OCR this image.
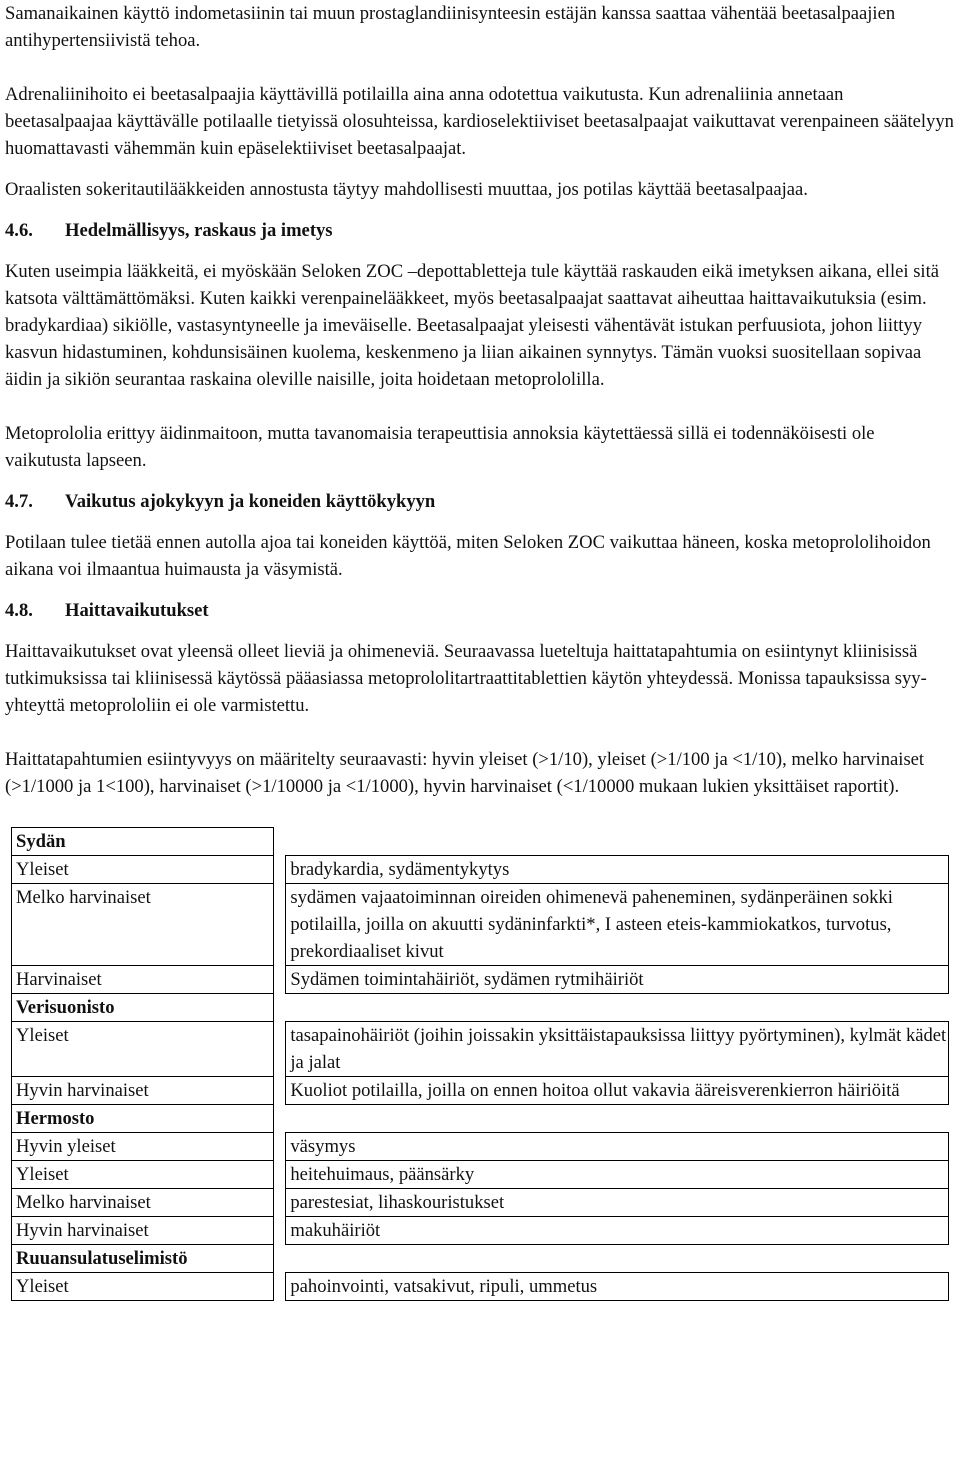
Samanaikainen käyttö indometasiinin tai muun prostaglandiinisynteesin estäjän kanssa saattaa vähentää beetasalpaajien antihypertensiivistä tehoa.

Adrenaliinihoito ei beetasalpaajia käyttävillä potilailla aina anna odotettua vaikutusta. Kun adrenaliinia annetaan beetasalpaajaa käyttävälle potilaalle tietyissä olosuhteissa, kardioselektiiviset beetasalpaajat vaikuttavat verenpaineen säätelyyn huomattavasti vähemmän kuin epäselektiiviset beetasalpaajat.

Oraalisten sokeritautilääkkeiden annostusta täytyy mahdollisesti muuttaa, jos potilas käyttää beetasalpaajaa.

4.6.	Hedelmällisyys, raskaus ja imetys

Kuten useimpia lääkkeitä, ei myöskään Seloken ZOC –depottabletteja tule käyttää raskauden eikä imetyksen aikana, ellei sitä katsota välttämättömäksi. Kuten kaikki verenpainelääkkeet, myös beetasalpaajat saattavat aiheuttaa haittavaikutuksia (esim. bradykardiaa) sikiölle, vastasyntyneelle ja imeväiselle. Beetasalpaajat yleisesti vähentävät istukan perfuusiota, johon liittyy kasvun hidastuminen, kohdunsisäinen kuolema, keskenmeno ja liian aikainen synnytys. Tämän vuoksi suositellaan sopivaa äidin ja sikiön seurantaa raskaina oleville naisille, joita hoidetaan metoprololilla.

Metoprololia erittyy äidinmaitoon, mutta tavanomaisia terapeuttisia annoksia käytettäessä sillä ei todennäköisesti ole vaikutusta lapseen.

4.7.	Vaikutus ajokykyyn ja koneiden käyttökykyyn

Potilaan tulee tietää ennen autolla ajoa tai koneiden käyttöä, miten Seloken ZOC vaikuttaa häneen, koska metoprololihoidon aikana voi ilmaantua huimausta ja väsymistä.

4.8.	Haittavaikutukset

Haittavaikutukset ovat yleensä olleet lieviä ja ohimeneviä. Seuraavassa lueteltuja haittatapahtumia on esiintynyt kliinisissä tutkimuksissa tai kliinisessä käytössä pääasiassa metoprololitartraattitablettien käytön yhteydessä. Monissa tapauksissa syy-yhteyttä metoprololiin ei ole varmistettu.

Haittatapahtumien esiintyvyys on määritelty seuraavasti: hyvin yleiset (>1/10), yleiset (>1/100 ja <1/10), melko harvinaiset (>1/1000 ja 1<100), harvinaiset (>1/10000 ja <1/1000), hyvin harvinaiset (<1/10000 mukaan lukien yksittäiset raportit).

Sydän		
Yleiset		bradykardia, sydämentykytys
Melko harvinaiset		sydämen vajaatoiminnan oireiden ohimenevä paheneminen, sydänperäinen sokki potilailla, joilla on akuutti sydäninfarkti*, I asteen eteis-kammiokatkos, turvotus, prekordiaaliset kivut
Harvinaiset		Sydämen toimintahäiriöt, sydämen rytmihäiriöt
Verisuonisto		
Yleiset		tasapainohäiriöt (joihin joissakin yksittäistapauksissa liittyy pyörtyminen), kylmät kädet ja jalat
Hyvin harvinaiset		Kuoliot potilailla, joilla on ennen hoitoa ollut vakavia ääreisverenkierron häiriöitä
Hermosto		
Hyvin yleiset		väsymys
Yleiset		heitehuimaus, päänsärky
Melko harvinaiset		parestesiat, lihaskouristukset
Hyvin harvinaiset		makuhäiriöt
Ruuansulatuselimistö		
Yleiset		pahoinvointi, vatsakivut, ripuli, ummetus
